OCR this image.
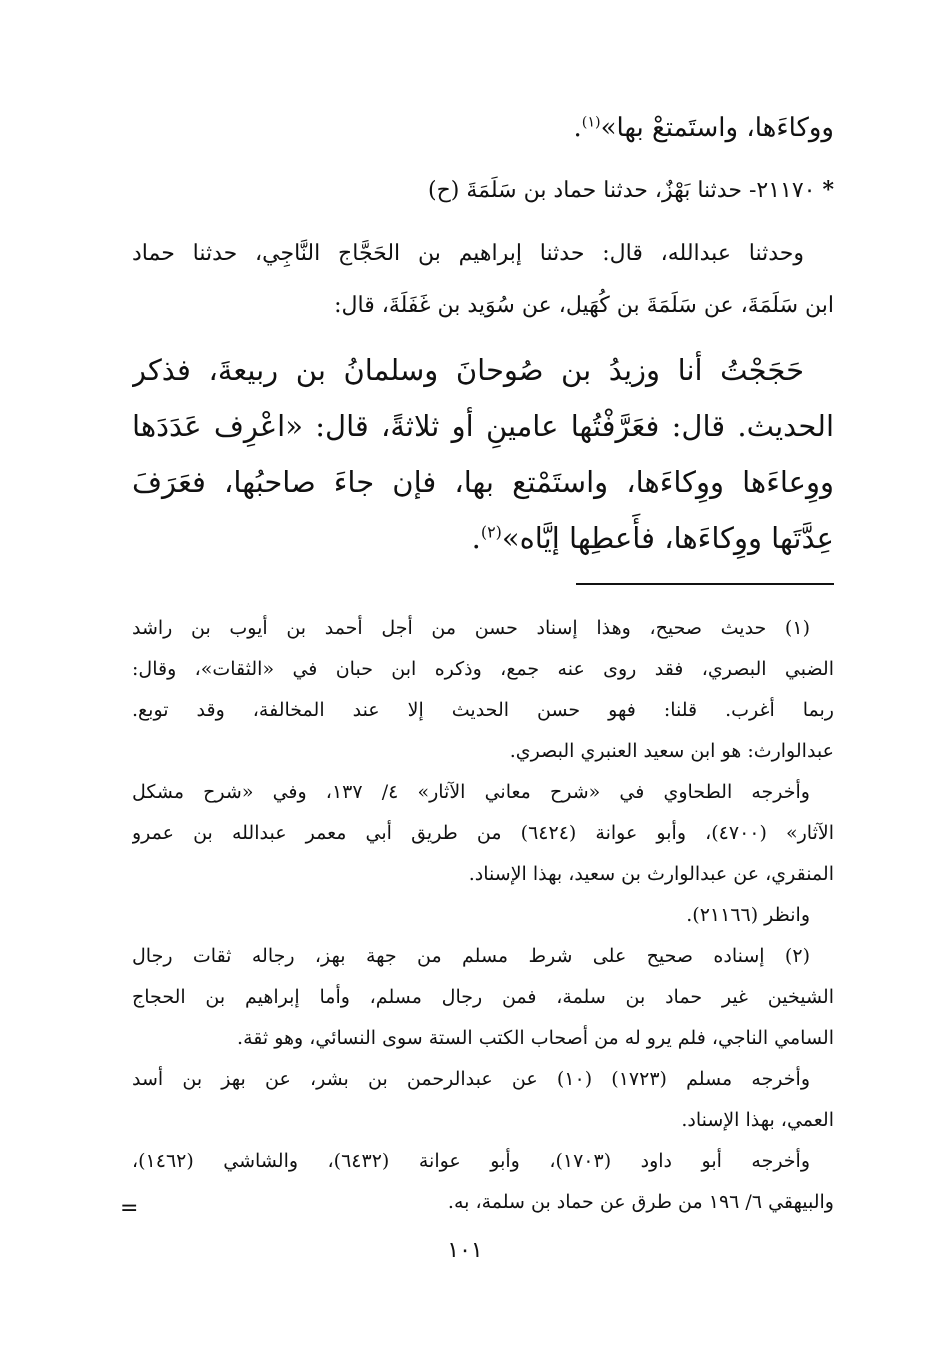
ووكاءَها، واستَمتعْ بها»$^{(١)}$.
* ٢١١٧٠- حدثنا بَهْزٌ، حدثنا حماد بن سَلَمَةَ (ح)
وحدثنا عبدالله، قال: حدثنا إبراهيم بن الحَجَّاج النَّاجِي، حدثنا حماد
ابن سَلَمَةَ، عن سَلَمَةَ بن كُهَيل، عن سُوَيد بن غَفَلَةَ، قال:
حَجَجْتُ أنا وزيدُ بن صُوحانَ وسلمانُ بن ربيعةَ، فذكر
الحديث. قال: فعَرَّفْتُها عامينِ أو ثلاثةً، قال: «اعْرِف عَدَدَها
ووِعاءَها ووِكاءَها، واستَمْتع بها، فإن جاءَ صاحبُها، فعَرَفَ
عِدَّتَها ووِكاءَها، فأَعطِها إيَّاه»$^{(٢)}$.
(١) حديث صحيح، وهذا إسناد حسن من أجل أحمد بن أيوب بن راشد
الضبي البصري، فقد روى عنه جمع، وذكره ابن حبان في «الثقات»، وقال:
ربما أغرب. قلنا: فهو حسن الحديث إلا عند المخالفة، وقد توبع.
عبدالوارث: هو ابن سعيد العنبري البصري.
وأخرجه الطحاوي في «شرح معاني الآثار» ٤/ ١٣٧، وفي «شرح مشكل
الآثار» (٤٧٠٠)، وأبو عوانة (٦٤٢٤) من طريق أبي معمر عبدالله بن عمرو
المنقري، عن عبدالوارث بن سعيد، بهذا الإسناد.
وانظر (٢١١٦٦).
(٢) إسناده صحيح على شرط مسلم من جهة بهز، رجاله ثقات رجال
الشيخين غير حماد بن سلمة، فمن رجال مسلم، وأما إبراهيم بن الحجاج
السامي الناجي، فلم يرو له من أصحاب الكتب الستة سوى النسائي، وهو ثقة.
وأخرجه مسلم (١٧٢٣) (١٠) عن عبدالرحمن بن بشر، عن بهز بن أسد
العمي، بهذا الإسناد.
وأخرجه أبو داود (١٧٠٣)، وأبو عوانة (٦٤٣٢)، والشاشي (١٤٦٢)،
والبيهقي ٦/ ١٩٦ من طرق عن حماد بن سلمة، به.
=
١٠١
